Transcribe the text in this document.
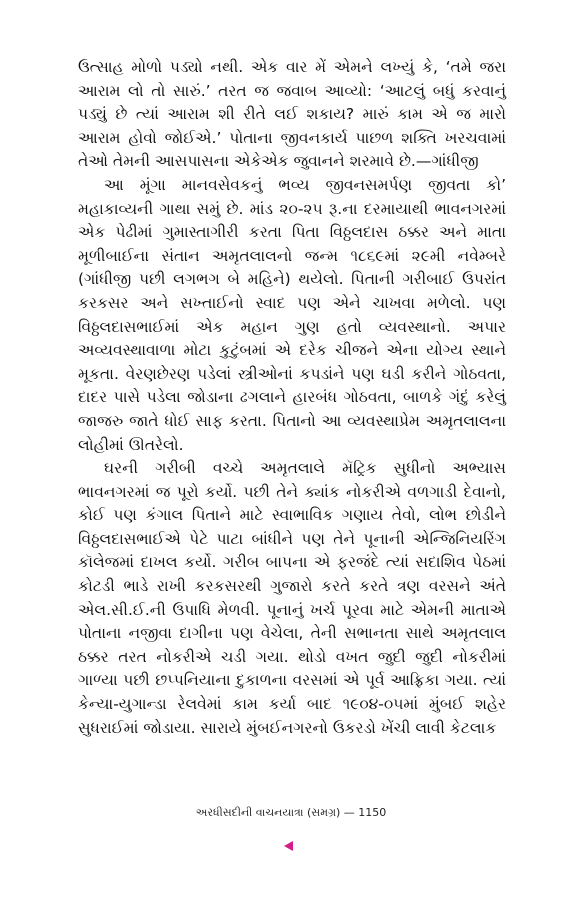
ઉત્સાહ મોળો પડ્યો નથી. એક વાર મેં એમને લખ્યું કે, ‘તમે જરા આરામ લો તો સારું.’ તરત જ જવાબ આવ્યો: ‘આટલું બધું કરવાનું પડ્યું છે ત્યાં આરામ શી રીતે લઈ શકાય? મારું કામ એ જ મારો આરામ હોવો જોઈએ.’ પોતાના જીવનકાર્ય પાછળ શક્તિ ખરચવામાં તેઓ તેમની આસપાસના એકેએક જુવાનને શરમાવે છે.—ગાંધીજી

આ મૂંગા માનવસેવકનું ભવ્ય જીવનસમર્પણ જીવતા કો’ મહાકાવ્યની ગાથા સમું છે. માંડ ૨૦-૨૫ રૂ.ના દરમાયાથી ભાવનગરમાં એક પેઢીમાં ગુમાસ્તાગીરી કરતા પિતા વિઠ્ઠલદાસ ઠક્કર અને માતા મૂળીબાઈના સંતાન અમૃતલાલનો જન્મ ૧૮૬૯માં ૨૯મી નવેમ્બરે (ગાંધીજી પછી લગભગ બે મહિને) થયેલો. પિતાની ગરીબાઈ ઉપરાંત કરકસર અને સખ્તાઈનો સ્વાદ પણ એને ચાખવા મળેલો. પણ વિઠ્ઠલદાસભાઈમાં એક મહાન ગુણ હતો વ્યવસ્થાનો. અપાર અવ્યવસ્થાવાળા મોટા કુટુંબમાં એ દરેક ચીજને એના યોગ્ય સ્થાને મૂકતા. વેરણછેરણ પડેલાં સ્ત્રીઓનાં કપડાંને પણ ઘડી કરીને ગોઠવતા, દાદર પાસે પડેલા જોડાના ઢગલાને હારબંધ ગોઠવતા, બાળકે ગંદું કરેલું જાજરુ જાતે ધોઈ સાફ કરતા. પિતાનો આ વ્યવસ્થાપ્રેમ અમૃતલાલના લોહીમાં ઊતરેલો.

ઘરની ગરીબી વચ્ચે અમૃતલાલે મૅટ્રિક સુધીનો અભ્યાસ ભાવનગરમાં જ પૂરો કર્યો. પછી તેને ક્યાંક નોકરીએ વળગાડી દેવાનો, કોઈ પણ કંગાલ પિતાને માટે સ્વાભાવિક ગણાય તેવો, લોભ છોડીને વિઠ્ઠલદાસભાઈએ પેટે પાટા બાંધીને પણ તેને પૂનાની એન્જિનિયરિંગ કૉલેજમાં દાખલ કર્યો. ગરીબ બાપના એ ફરજંદે ત્યાં સદાશિવ પેઠમાં કોટડી ભાડે રાખી કરકસરથી ગુજારો કરતે કરતે ત્રણ વરસને અંતે એલ.સી.ઈ.ની ઉપાધિ મેળવી. પૂનાનું ખર્ચ પૂરવા માટે એમની માતાએ પોતાના નજીવા દાગીના પણ વેચેલા, તેની સભાનતા સાથે અમૃતલાલ ઠક્કર તરત નોકરીએ ચડી ગયા. થોડો વખત જુદી જુદી નોકરીમાં ગાળ્યા પછી છપ્પનિયાના દુકાળના વરસમાં એ પૂર્વ આફ્રિકા ગયા. ત્યાં કેન્યા-યુગાન્ડા રેલવેમાં કામ કર્યા બાદ ૧૯૦૪-૦૫માં મુંબઈ શહેર સુધરાઈમાં જોડાયા. સારાયે મુંબઈનગરનો ઉકરડો ખેંચી લાવી કેટલાક

અરધીસદીની વાચનયાત્રા (સમગ્ર) — 1150
